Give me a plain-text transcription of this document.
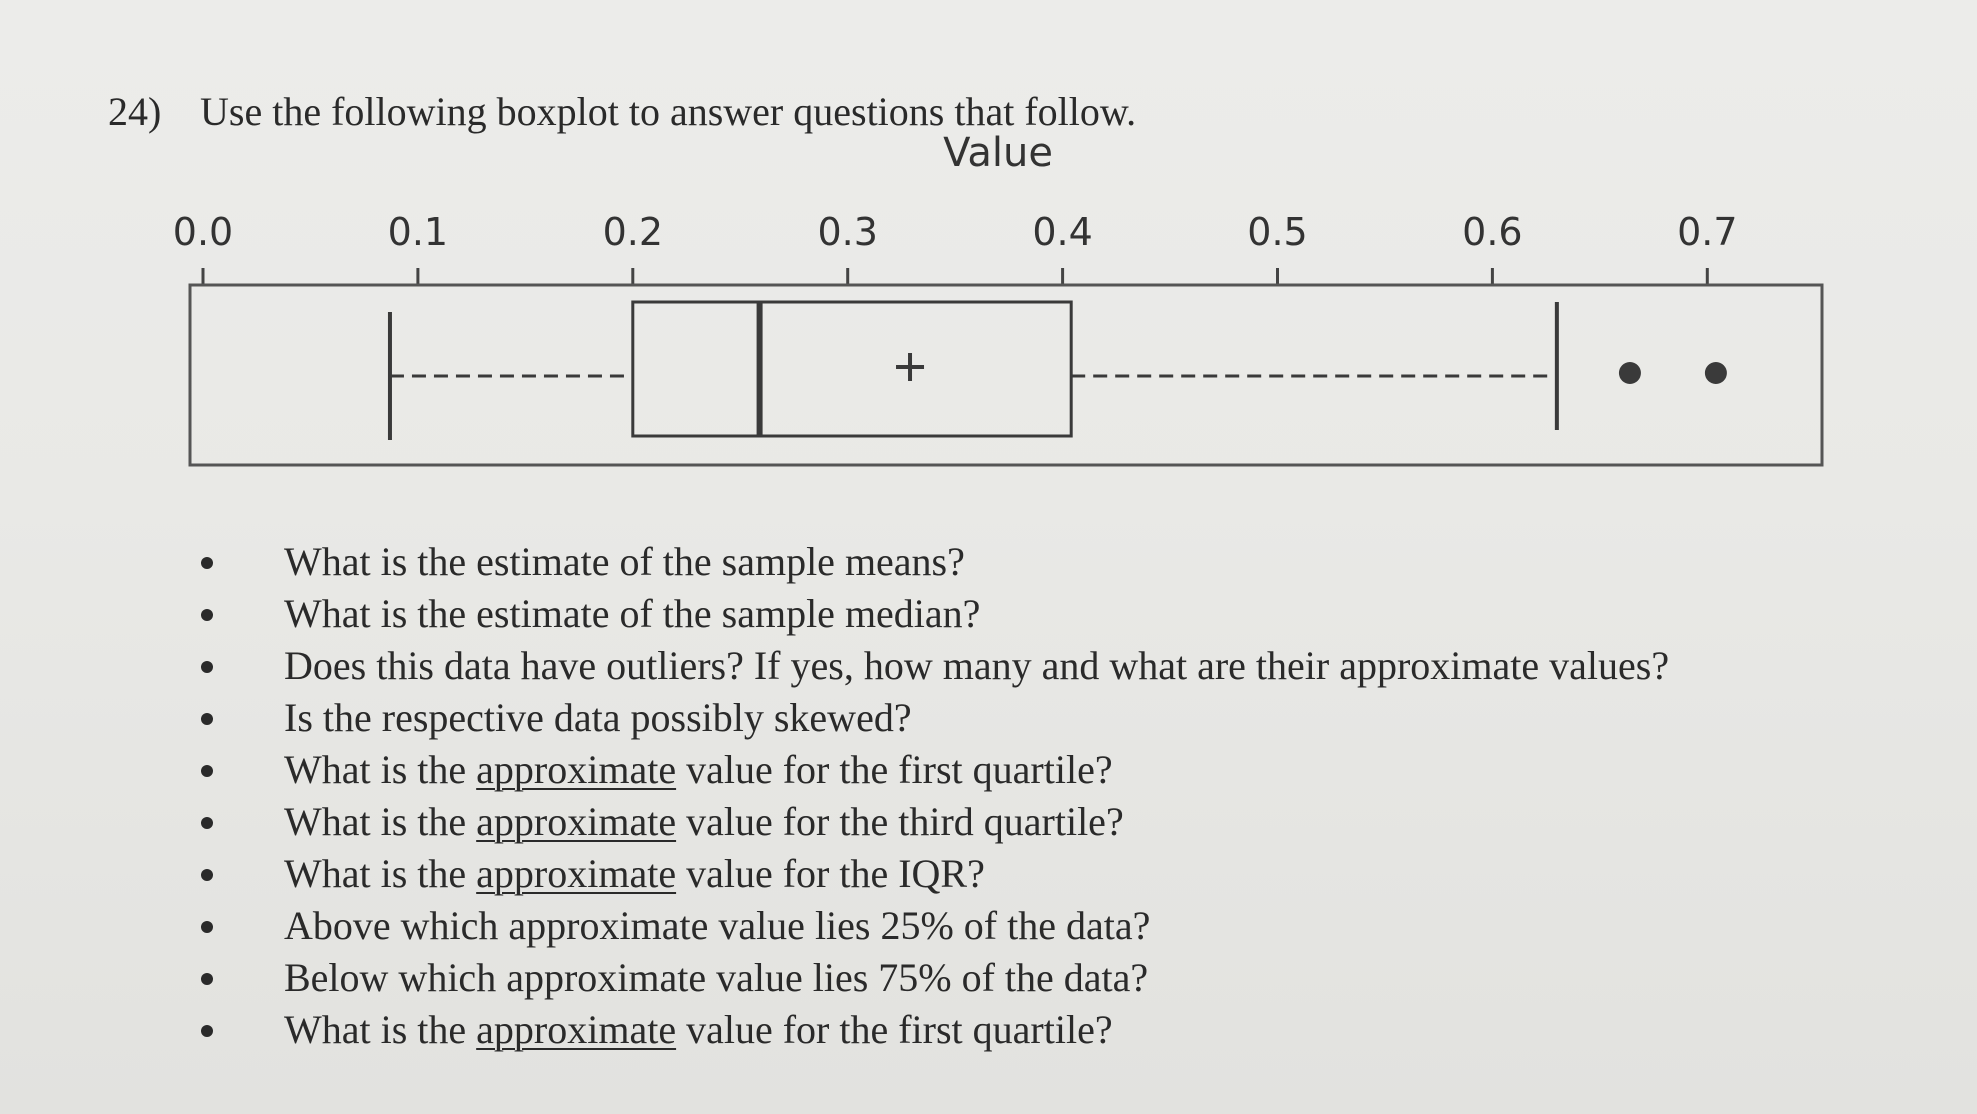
24) Use the following boxplot to answer questions that follow.
Value
0.0	0.1	0.2	0.3	0.4	0.5	0.6	0.7
What is the estimate of the sample means?
What is the estimate of the sample median?
Does this data have outliers? If yes, how many and what are their approximate values?
Is the respective data possibly skewed?
What is the approximate value for the first quartile?
What is the approximate value for the third quartile?
What is the approximate value for the IQR?
Above which approximate value lies 25% of the data?
Below which approximate value lies 75% of the data?
What is the approximate value for the first quartile?
